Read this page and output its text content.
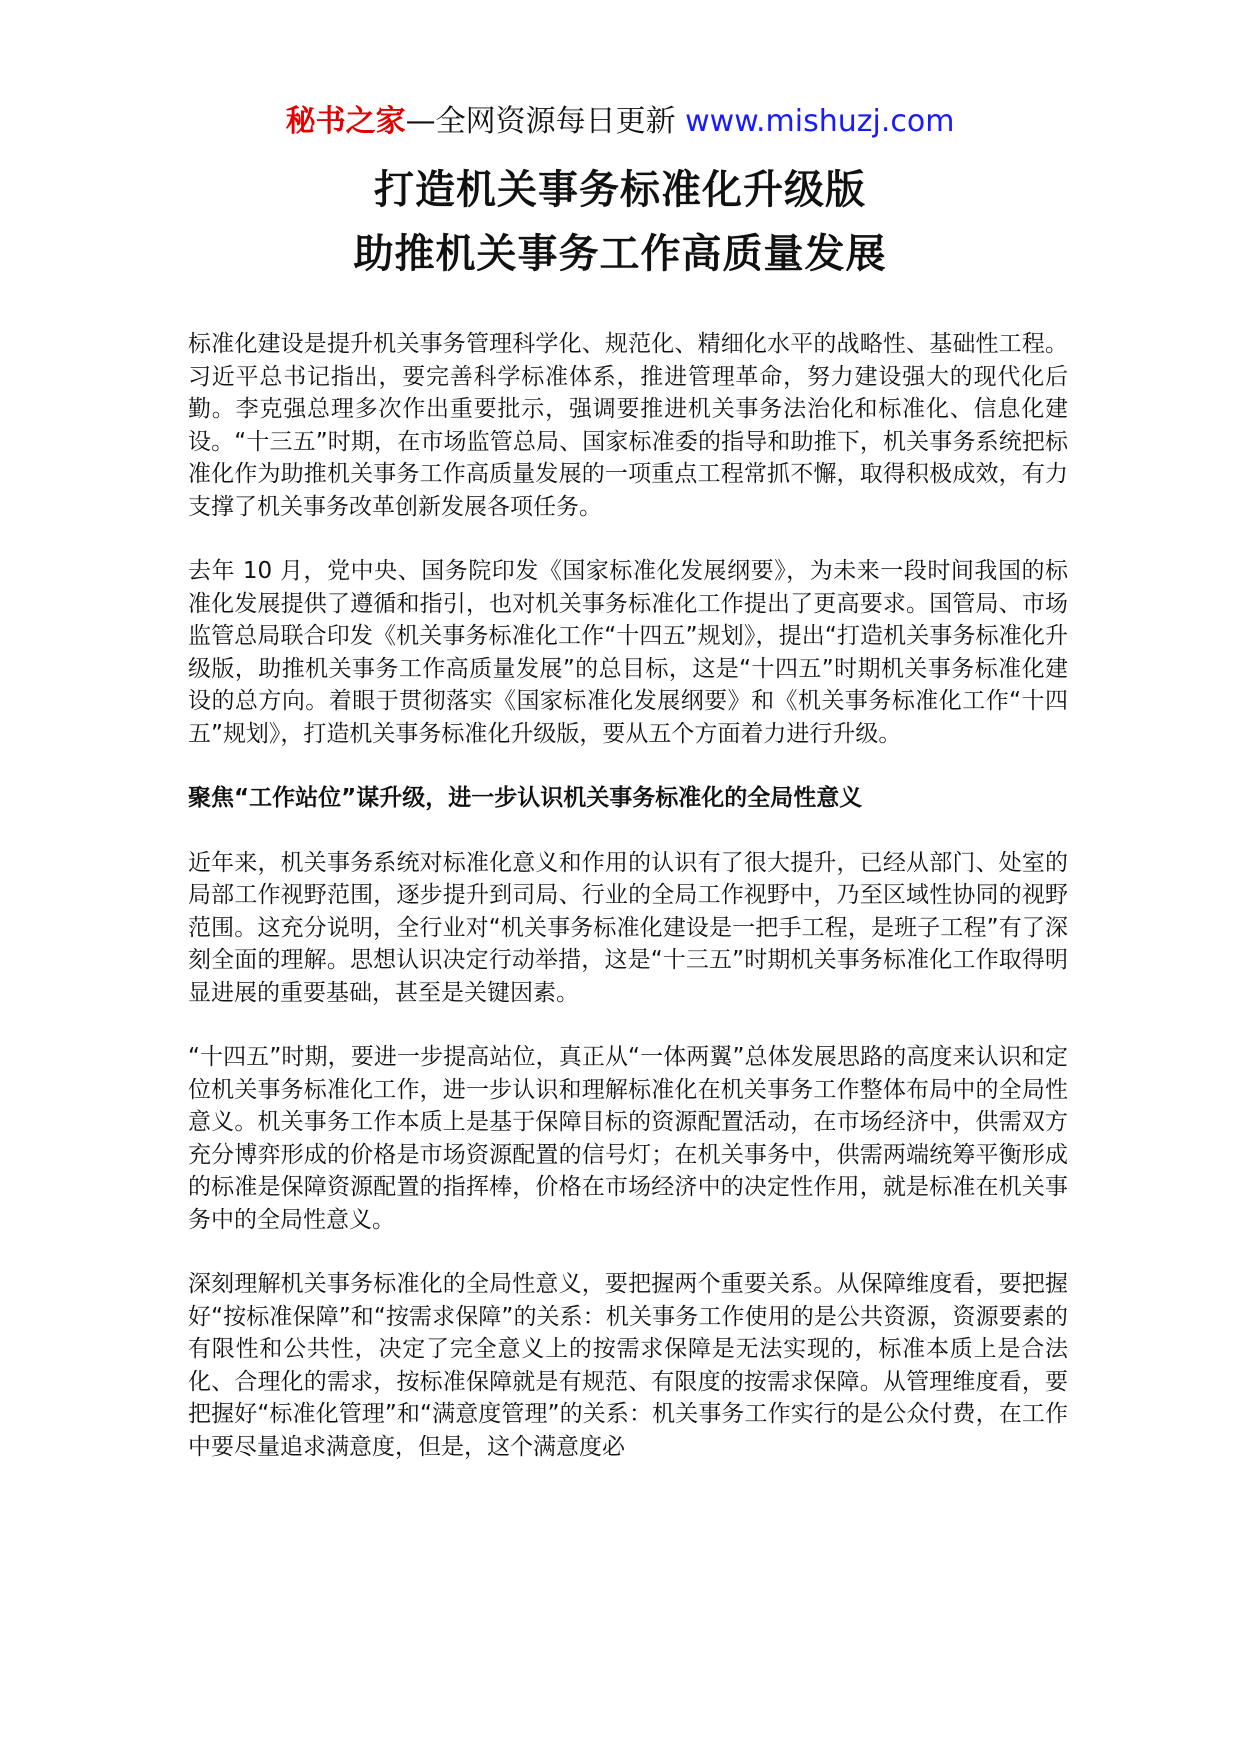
秘书之家—全网资源每日更新 www.mishuzj.com
打造机关事务标准化升级版
助推机关事务工作高质量发展

标准化建设是提升机关事务管理科学化、规范化、精细化水平的战略性、基础性工程。习近平总书记指出，要完善科学标准体系，推进管理革命，努力建设强大的现代化后勤。李克强总理多次作出重要批示，强调要推进机关事务法治化和标准化、信息化建设。“十三五”时期，在市场监管总局、国家标准委的指导和助推下，机关事务系统把标准化作为助推机关事务工作高质量发展的一项重点工程常抓不懈，取得积极成效，有力支撑了机关事务改革创新发展各项任务。

去年 10 月，党中央、国务院印发《国家标准化发展纲要》，为未来一段时间我国的标准化发展提供了遵循和指引，也对机关事务标准化工作提出了更高要求。国管局、市场监管总局联合印发《机关事务标准化工作“十四五”规划》，提出“打造机关事务标准化升级版，助推机关事务工作高质量发展”的总目标，这是“十四五”时期机关事务标准化建设的总方向。着眼于贯彻落实《国家标准化发展纲要》和《机关事务标准化工作“十四五”规划》，打造机关事务标准化升级版，要从五个方面着力进行升级。

聚焦“工作站位”谋升级，进一步认识机关事务标准化的全局性意义

近年来，机关事务系统对标准化意义和作用的认识有了很大提升，已经从部门、处室的局部工作视野范围，逐步提升到司局、行业的全局工作视野中，乃至区域性协同的视野范围。这充分说明，全行业对“机关事务标准化建设是一把手工程，是班子工程”有了深刻全面的理解。思想认识决定行动举措，这是“十三五”时期机关事务标准化工作取得明显进展的重要基础，甚至是关键因素。

“十四五”时期，要进一步提高站位，真正从“一体两翼”总体发展思路的高度来认识和定位机关事务标准化工作，进一步认识和理解标准化在机关事务工作整体布局中的全局性意义。机关事务工作本质上是基于保障目标的资源配置活动，在市场经济中，供需双方充分博弈形成的价格是市场资源配置的信号灯；在机关事务中，供需两端统筹平衡形成的标准是保障资源配置的指挥棒，价格在市场经济中的决定性作用，就是标准在机关事务中的全局性意义。

深刻理解机关事务标准化的全局性意义，要把握两个重要关系。从保障维度看，要把握好“按标准保障”和“按需求保障”的关系：机关事务工作使用的是公共资源，资源要素的有限性和公共性，决定了完全意义上的按需求保障是无法实现的，标准本质上是合法化、合理化的需求，按标准保障就是有规范、有限度的按需求保障。从管理维度看，要把握好“标准化管理”和“满意度管理”的关系：机关事务工作实行的是公众付费，在工作中要尽量追求满意度，但是，这个满意度必
